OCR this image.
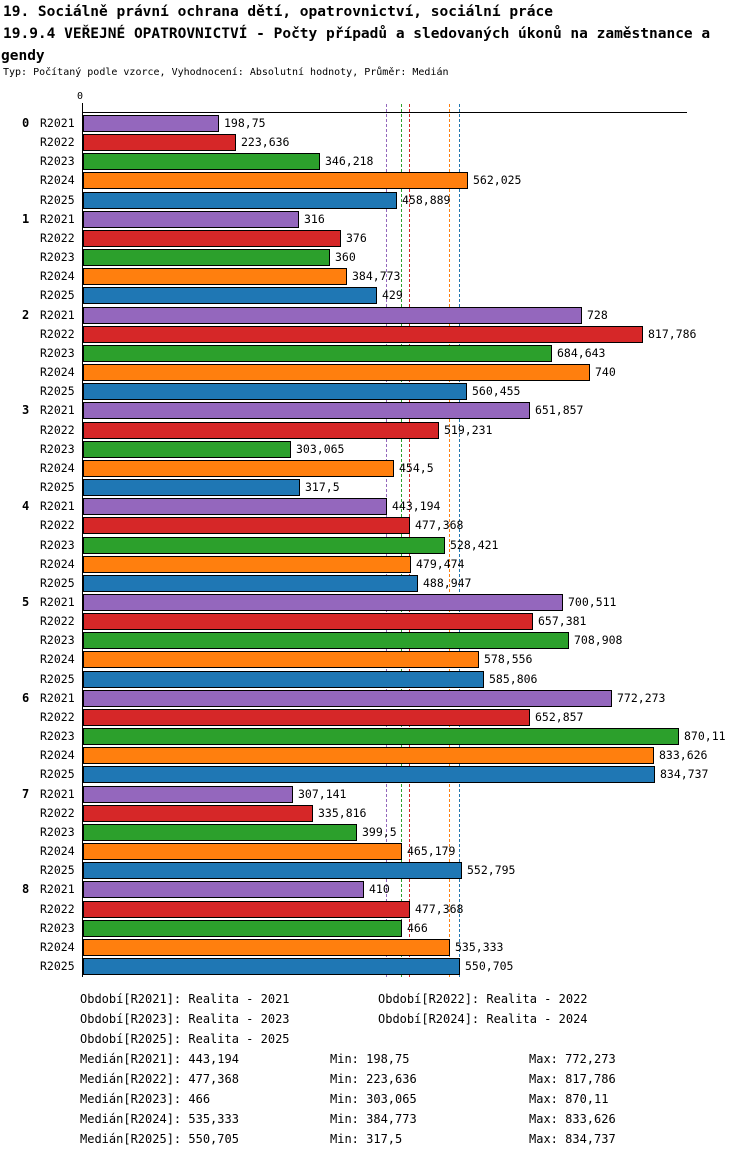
19. Sociálně právní ochrana dětí, opatrovnictví, sociální práce
19.9.4 VEŘEJNÉ OPATROVNICTVÍ - Počty případů a sledovaných úkonů na zaměstnance a
gendy
Typ: Počítaný podle vzorce, Vyhodnocení: Absolutní hodnoty, Průměr: Medián
0
198,75
223,636
346,218
562,025
458,889
316
376
360
384,773
429
728
817,786
684,643
740
560,455
651,857
519,231
303,065
454,5
317,5
443,194
477,368
528,421
479,474
488,947
700,511
657,381
708,908
578,556
585,806
772,273
652,857
870,11
833,626
834,737
307,141
335,816
399,5
465,179
552,795
410
477,368
466
535,333
550,705
R2021
0
R2022
R2023
R2024
R2025
R2021
1
R2022
R2023
R2024
R2025
R2021
2
R2022
R2023
R2024
R2025
R2021
3
R2022
R2023
R2024
R2025
R2021
4
R2022
R2023
R2024
R2025
R2021
5
R2022
R2023
R2024
R2025
R2021
6
R2022
R2023
R2024
R2025
R2021
7
R2022
R2023
R2024
R2025
R2021
8
R2022
R2023
R2024
R2025
Období[R2021]: Realita - 2021	Období[R2022]: Realita - 2022
Období[R2023]: Realita - 2023	Období[R2024]: Realita - 2024
Období[R2025]: Realita - 2025
Medián[R2021]: 443,194	Min: 198,75	Max: 772,273
Medián[R2022]: 477,368	Min: 223,636	Max: 817,786
Medián[R2023]: 466	Min: 303,065	Max: 870,11
Medián[R2024]: 535,333	Min: 384,773	Max: 833,626
Medián[R2025]: 550,705	Min: 317,5	Max: 834,737
